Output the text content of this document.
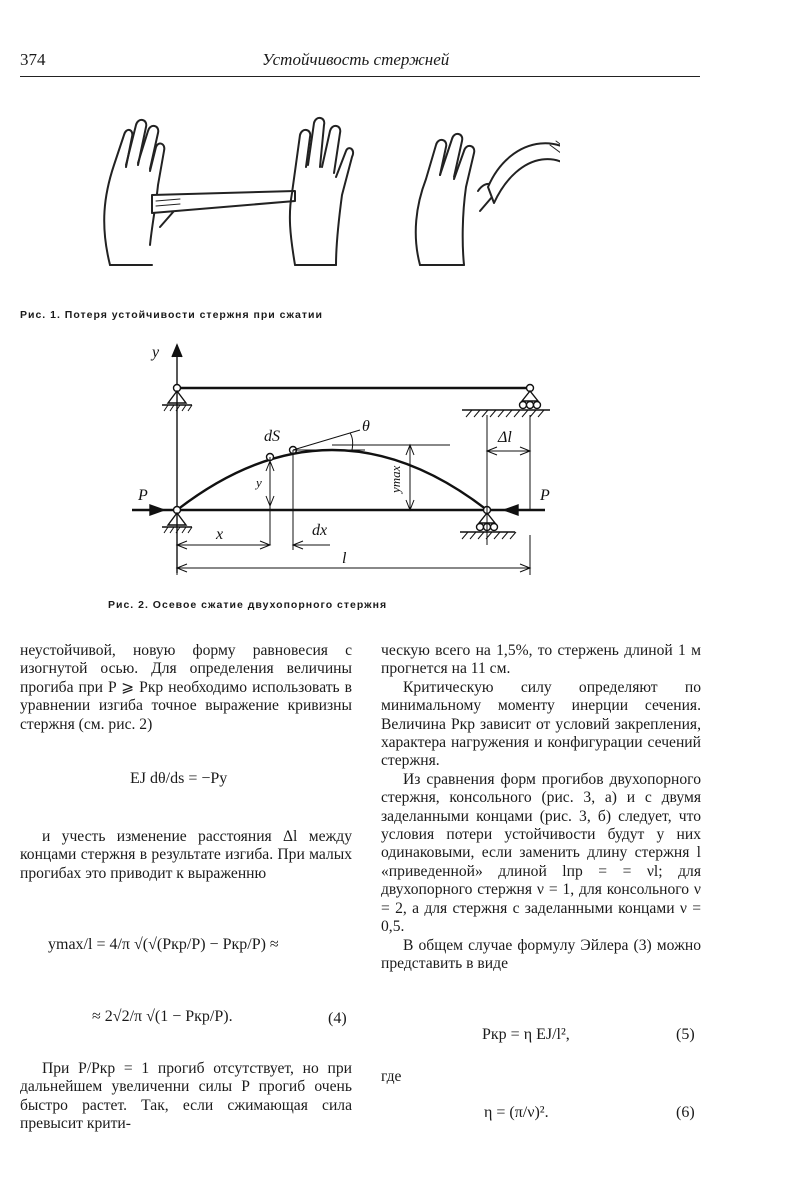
374	Устойчивость стержней
Рис. 1. Потеря устойчивости стержня при сжатии
y
dS
θ
Δl
P	P
y	ymax
x	dx
l
Рис. 2. Осевое сжатие двухопорного стержня

неустойчивой, новую форму равновесия с изогнутой осью. Для определения величины прогиба при P ⩾ Pкр необходимо использовать в уравнении изгиба точное выражение кривизны стержня (см. рис. 2)

EJ dθ/ds = −Py

и учесть изменение расстояния Δl между концами стержня в результате изгиба. При малых прогибах это приводит к выраженню

ymax/l = 4/π √(√(Pкр/P) − Pкр/P) ≈
≈ 2√2/π √(1 − Pкр/P).	(4)

При P/Pкр = 1 прогиб отсутствует, но при дальнейшем увеличенни силы P прогиб очень быстро растет. Так, если сжимающая сила превысит крити-

ческую всего на 1,5%, то стержень длиной 1 м прогнется на 11 см.

Критическую силу определяют по минимальному моменту инерции сечения. Величина Pкр зависит от условий закрепления, характера нагружения и конфигурации сечений стержня.

Из сравнения форм прогибов двухопорного стержня, консольного (рис. 3, а) и с двумя заделанными концами (рис. 3, б) следует, что условия потери устойчивости будут у них одинаковыми, если заменить длину стержня l «приведенной» длиной lпр = = νl; для двухопорного стержня ν = 1, для консольного ν = 2, а для стержня с заделанными концами ν = 0,5.

В общем случае формулу Эйлера (3) можно представить в виде

Pкр = η EJ/l²,	(5)
где
η = (π/ν)².	(6)
